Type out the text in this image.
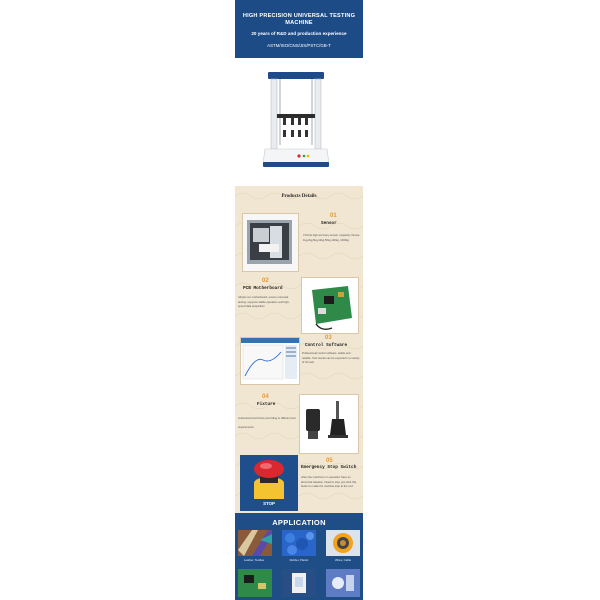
HIGH PRECISION UNIVERSAL TESTING MACHINE
20 years of R&D and production experience
ASTM/ISO/CNS/JIS/PSTC/GB-T
Products Details
01
Sensor
3 Kinds high accuracy sensor. Capacity choose 1kg,2kg,5kg,10kg,50kg,100kg, 1000kg
02
PCB Motherboard
Adopts our motherboard, ensure universal testing, supports stable operation and high-speed data acquisition
03
Control Software
Professional control software, stable and reliable. Test results can be exported in a variety of formats
04
Fixture
customized test fixture according to different test requirements
STOP
05
Emergency Stop Switch
when the machine is in operation have an abnormal situation. Need to stop, just click this button to make the machine stop at the end
APPLICATION
Leather, Textiles	Rubber, Plastic	Wires, Cable
